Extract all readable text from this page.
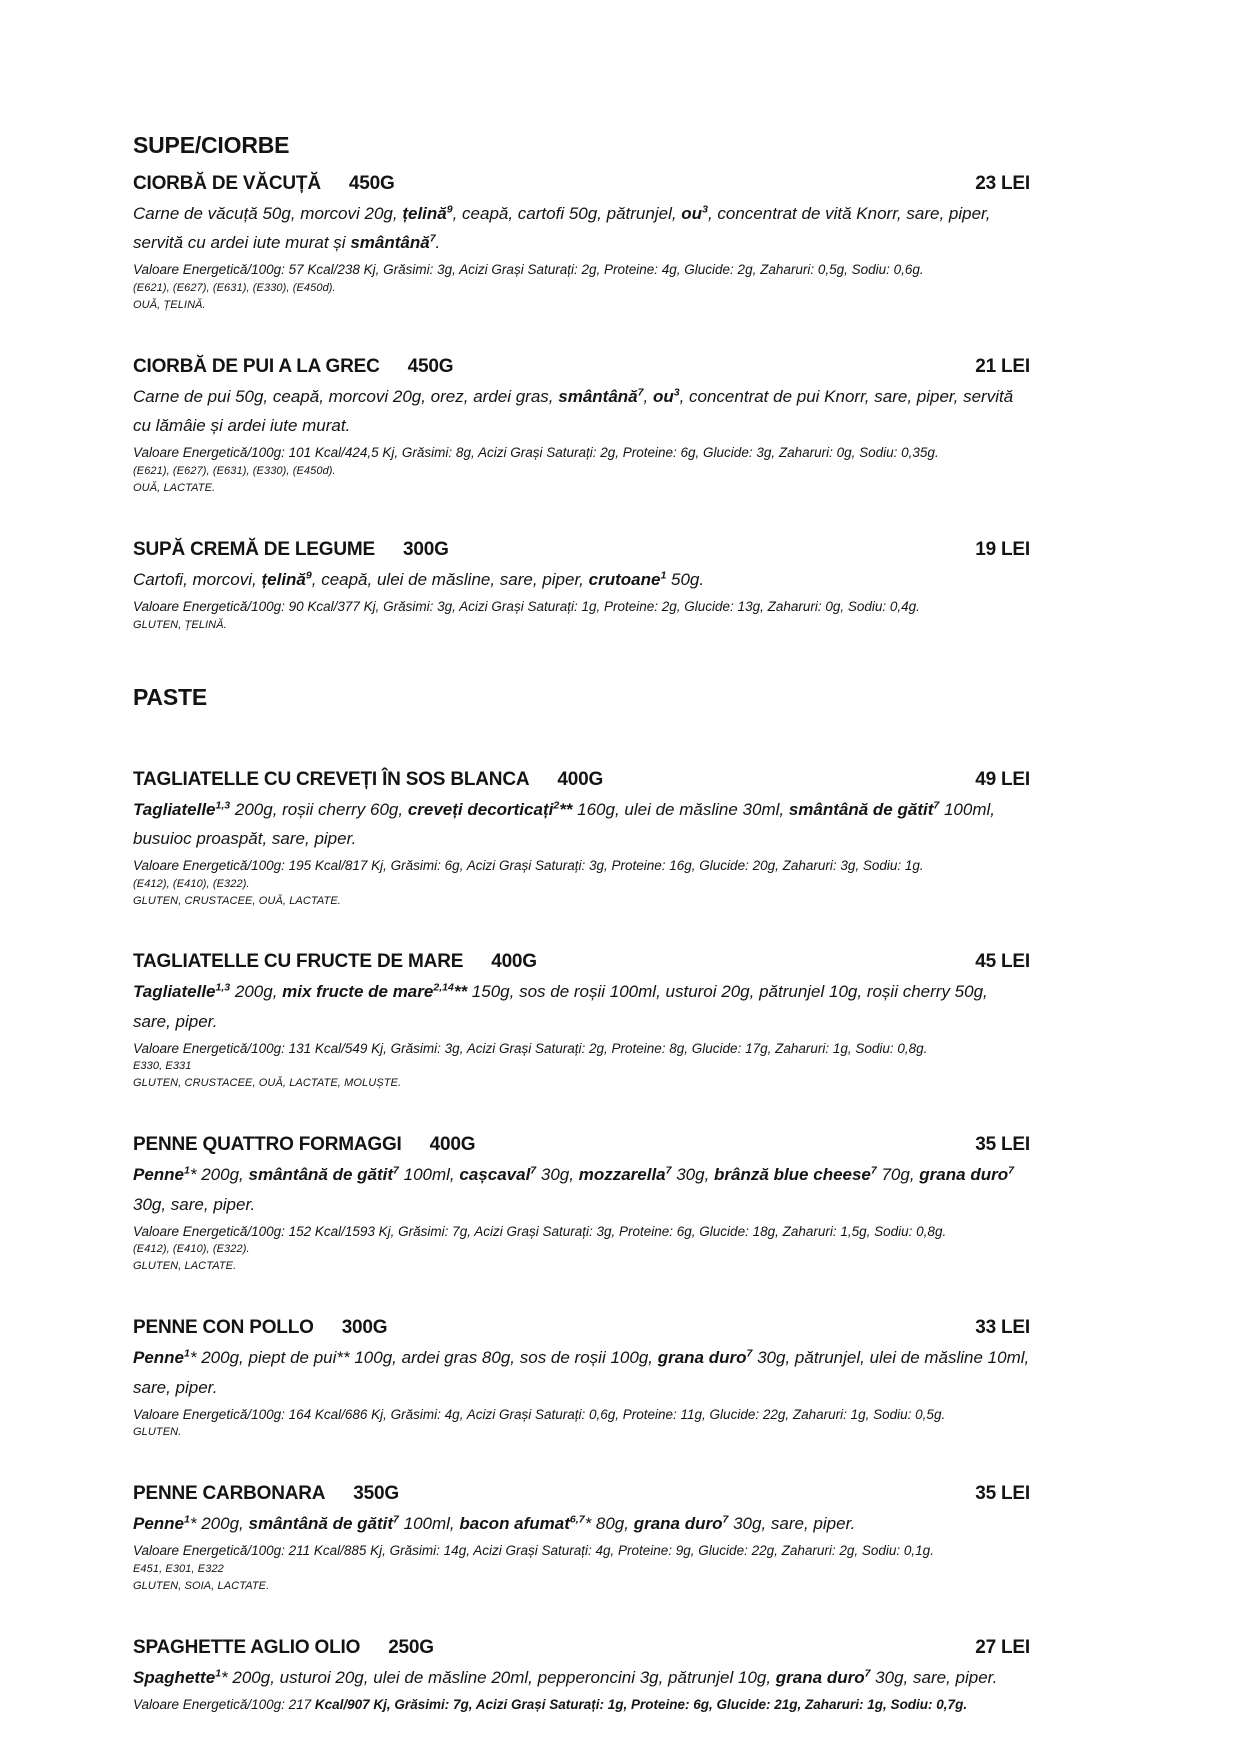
SUPE/CIORBE
CIORBĂ DE VĂCUȚĂ 450G	23 LEI

Carne de văcuță 50g, morcovi 20g, țelină$^9$, ceapă, cartofi 50g, pătrunjel, $ou^3$, concentrat de vită Knorr, sare, piper, servită cu ardei iute murat și smântână$^7$.

Valoare Energetică/100g: 57 Kcal/238 Kj, Grăsimi: 3g, Acizi Grași Saturați: 2g, Proteine: 4g, Glucide: 2g, Zaharuri: 0,5g, Sodiu: 0,6g.

(E621), (E627), (E631), (E330), (E450d).

OUĂ, ȚELINĂ.

CIORBĂ DE PUI A LA GREC 450G	21 LEI

Carne de pui 50g, ceapă, morcovi 20g, orez, ardei gras, smântână$^7$, $ou^3$, concentrat de pui Knorr, sare, piper, servită cu lămâie și ardei iute murat.

Valoare Energetică/100g: 101 Kcal/424,5 Kj, Grăsimi: 8g, Acizi Grași Saturați: 2g, Proteine: 6g, Glucide: 3g, Zaharuri: 0g, Sodiu: 0,35g.

(E621), (E627), (E631), (E330), (E450d).

OUĂ, LACTATE.

SUPĂ CREMĂ DE LEGUME 300G	19 LEI

Cartofi, morcovi, țelină$^9$, ceapă, ulei de măsline, sare, piper, crutoane$^1$ 50g.

Valoare Energetică/100g: 90 Kcal/377 Kj, Grăsimi: 3g, Acizi Grași Saturați: 1g, Proteine: 2g, Glucide: 13g, Zaharuri: 0g, Sodiu: 0,4g.

GLUTEN, ȚELINĂ.

PASTE
TAGLIATELLE CU CREVEȚI ÎN SOS BLANCA 400G	49 LEI

Tagliatelle$^{1,3}$ 200g, roșii cherry 60g, creveți decorticați$^2$** 160g, ulei de măsline 30ml, smântână de gătit$^7$ 100ml, busuioc proaspăt, sare, piper.

Valoare Energetică/100g: 195 Kcal/817 Kj, Grăsimi: 6g, Acizi Grași Saturați: 3g, Proteine: 16g, Glucide: 20g, Zaharuri: 3g, Sodiu: 1g.

(E412), (E410), (E322).

GLUTEN, CRUSTACEE, OUĂ, LACTATE.

TAGLIATELLE CU FRUCTE DE MARE 400G	45 LEI

Tagliatelle$^{1,3}$ 200g, mix fructe de mare$^{2,14}$** 150g, sos de roșii 100ml, usturoi 20g, pătrunjel 10g, roșii cherry 50g, sare, piper.

Valoare Energetică/100g: 131 Kcal/549 Kj, Grăsimi: 3g, Acizi Grași Saturați: 2g, Proteine: 8g, Glucide: 17g, Zaharuri: 1g, Sodiu: 0,8g.

E330, E331

GLUTEN, CRUSTACEE, OUĂ, LACTATE, MOLUȘTE.

PENNE QUATTRO FORMAGGI 400G	35 LEI

Penne$^1$* 200g, smântână de gătit$^7$ 100ml, cașcaval$^7$ 30g, mozzarella$^7$ 30g, brânză blue cheese$^7$ 70g, grana duro$^7$ 30g, sare, piper.

Valoare Energetică/100g: 152 Kcal/1593 Kj, Grăsimi: 7g, Acizi Grași Saturați: 3g, Proteine: 6g, Glucide: 18g, Zaharuri: 1,5g, Sodiu: 0,8g.

(E412), (E410), (E322).

GLUTEN, LACTATE.

PENNE CON POLLO 300G	33 LEI

Penne$^1$* 200g, piept de pui** 100g, ardei gras 80g, sos de roșii 100g, grana duro$^7$ 30g, pătrunjel, ulei de măsline 10ml, sare, piper.

Valoare Energetică/100g: 164 Kcal/686 Kj, Grăsimi: 4g, Acizi Grași Saturați: 0,6g, Proteine: 11g, Glucide: 22g, Zaharuri: 1g, Sodiu: 0,5g.

GLUTEN.

PENNE CARBONARA 350G	35 LEI

Penne$^1$* 200g, smântână de gătit$^7$ 100ml, bacon afumat$^{6,7}$* 80g, grana duro$^7$ 30g, sare, piper.

Valoare Energetică/100g: 211 Kcal/885 Kj, Grăsimi: 14g, Acizi Grași Saturați: 4g, Proteine: 9g, Glucide: 22g, Zaharuri: 2g, Sodiu: 0,1g.

E451, E301, E322

GLUTEN, SOIA, LACTATE.

SPAGHETTE AGLIO OLIO 250G	27 LEI

Spaghette$^1$* 200g, usturoi 20g, ulei de măsline 20ml, pepperoncini 3g, pătrunjel 10g, grana duro$^7$ 30g, sare, piper.

Valoare Energetică/100g: 217 Kcal/907 Kj, Grăsimi: 7g, Acizi Grași Saturați: 1g, Proteine: 6g, Glucide: 21g, Zaharuri: 1g, Sodiu: 0,7g.
